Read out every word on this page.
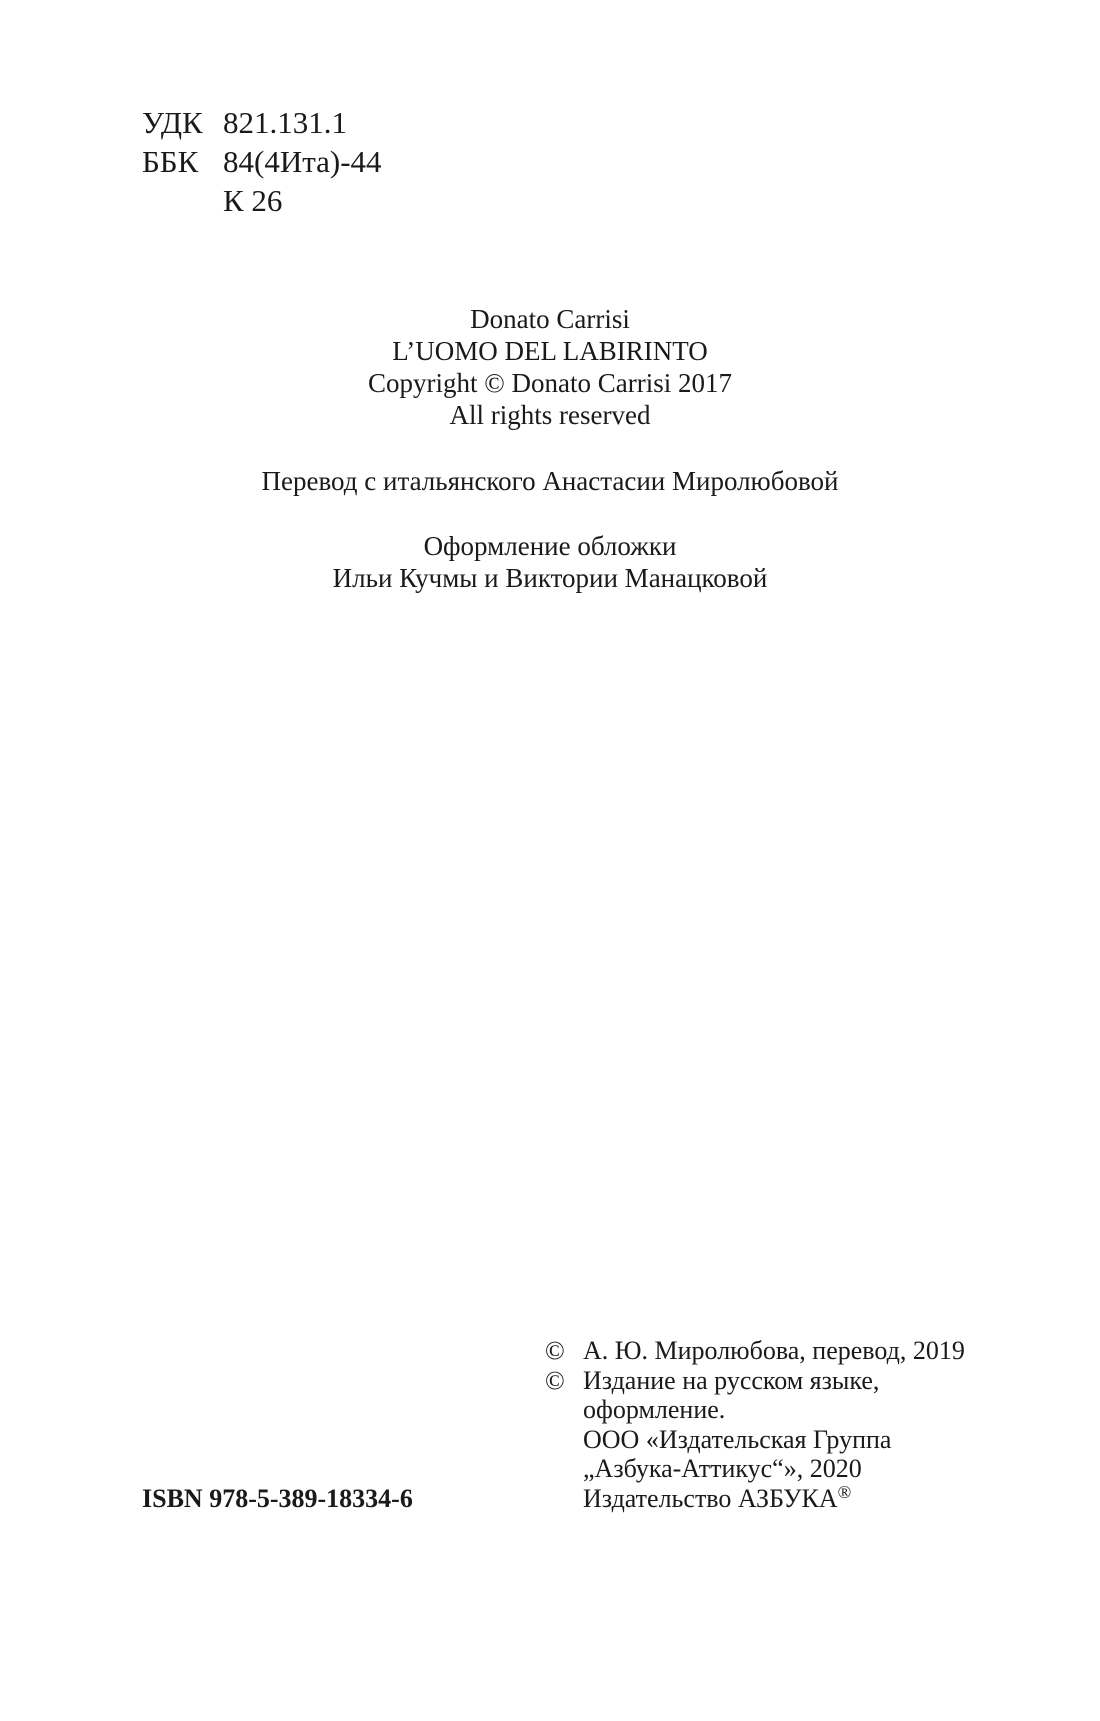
УДК 821.131.1
ББК 84(4Ита)-44
К 26
Donato Carrisi
L’UOMO DEL LABIRINTO
Copyright © Donato Carrisi 2017
All rights reserved
Перевод с итальянского Анастасии Миролюбовой
Оформление обложки
Ильи Кучмы и Виктории Манацковой
© А. Ю. Миролюбова, перевод, 2019
© Издание на русском языке,
оформление.
ООО «Издательская Группа
„Азбука-Аттикус“», 2020
Издательство АЗБУКА®
ISBN 978-5-389-18334-6
